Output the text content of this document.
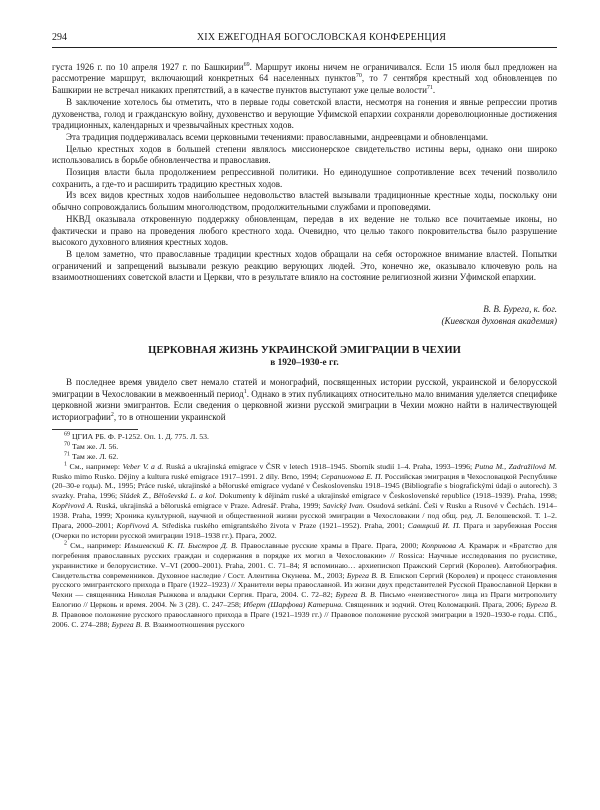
294	XIX ЕЖЕГОДНАЯ БОГОСЛОВСКАЯ КОНФЕРЕНЦИЯ

густа 1926 г. по 10 апреля 1927 г. по Башкирии$^{69}$. Маршрут иконы ничем не ограничивался. Если 15 июля был предложен на рассмотрение маршрут, включающий конкретных 64 населенных пунктов$^{70}$, то 7 сентября крестный ход обновленцев по Башкирии не встречал никаких препятствий, а в качестве пунктов выступают уже целые волости$^{71}$.

В заключение хотелось бы отметить, что в первые годы советской власти, несмотря на гонения и явные репрессии против духовенства, голод и гражданскую войну, духовенство и верующие Уфимской епархии сохраняли дореволюционные достижения традиционных, календарных и чрезвычайных крестных ходов.

Эта традиция поддерживалась всеми церковными течениями: православными, андреевцами и обновленцами.

Целью крестных ходов в большей степени являлось миссионерское свидетельство истины веры, однако они широко использовались в борьбе обновленчества и православия.

Позиция власти была продолжением репрессивной политики. Но единодушное сопротивление всех течений позволило сохранить, а где-то и расширить традицию крестных ходов.

Из всех видов крестных ходов наибольшее недовольство властей вызывали традиционные крестные ходы, поскольку они обычно сопровождались большим многолюдством, продолжительными службами и проповедями.

НКВД оказывала откровенную поддержку обновленцам, передав в их ведение не только все почитаемые иконы, но фактически и право на проведения любого крестного хода. Очевидно, что целью такого покровительства было разрушение высокого духовного влияния крестных ходов.

В целом заметно, что православные традиции крестных ходов обращали на себя осторожное внимание властей. Попытки ограничений и запрещений вызывали резкую реакцию верующих людей. Это, конечно же, оказывало ключевую роль на взаимоотношениях советской власти и Церкви, что в результате влияло на состояние религиозной жизни Уфимской епархии.

В. В. Бурега, к. бог.
(Киевская духовная академия)
ЦЕРКОВНАЯ ЖИЗНЬ УКРАИНСКОЙ ЭМИГРАЦИИ В ЧЕХИИ
в 1920–1930-е гг.

В последнее время увидело свет немало статей и монографий, посвященных истории русской, украинской и белорусской эмиграции в Чехословакии в межвоенный период$^1$. Однако в этих публикациях относительно мало внимания уделяется специфике церковной жизни эмигрантов. Если сведения о церковной жизни русской эмиграции в Чехии можно найти в наличествующей историографии$^2$, то в отношении украинской

$^{69}$ ЦГИА РБ. Ф. Р-1252. Оп. 1. Д. 775. Л. 53.

$^{70}$ Там же. Л. 56.

$^{71}$ Там же. Л. 62.

$^1$ См., например: Veber V. a d. Ruská a ukrajinská emigrace v ČSR v letech 1918–1945. Sborník studií 1–4. Praha, 1993–1996; Putna M., Zadražilová M. Rusko mimo Rusko. Dějiny a kultura ruské emigrace 1917–1991. 2 díly. Brno, 1994; Серапионова Е. П. Российская эмиграция в Чехословацкой Республике (20–30-е годы). М., 1995; Práce ruské, ukrajinské a běloruské emigrace vydané v Československu 1918–1945 (Bibliografie s biografickými údaji o autorech). 3 svazky. Praha, 1996; Sládek Z., Běloševská L. a kol. Dokumenty k dějinám ruské a ukrajinské emigrace v Československé republice (1918–1939). Praha, 1998; Kopřivová A. Ruská, ukrajinská a běloruská emigrace v Praze. Adresář. Praha, 1999; Savický Ivan. Osudová setkání. Češi v Rusku a Rusové v Čechách. 1914–1938. Praha, 1999; Хроника культурной, научной и общественной жизни русской эмиграции в Чехословакии / под общ. ред. Л. Белошевской. Т. 1–2. Прага, 2000–2001; Kopřivová A. Střediska ruského emigrantského života v Praze (1921–1952). Praha, 2001; Савицкий И. П. Прага и зарубежная Россия (Очерки по истории русской эмиграции 1918–1938 гг.). Прага, 2002.

$^2$ См., например: Ильшевский К. П. Быстров Д. В. Православные русские храмы в Праге. Прага, 2000; Копривова А. Крамарж и «Братство для погребения православных русских граждан и содержания в порядке их могил в Чехословакии» // Rossica: Научные исследования по русистике, украинистике и белорусистике. V–VI (2000–2001). Praha, 2001. С. 71–84; Я вспоминаю… архиепископ Пражский Сергий (Королев). Автобиография. Свидетельства современников. Духовное наследие / Сост. Алентина Окунева. М., 2003; Бурега В. В. Епископ Сергий (Королев) и процесс становления русского эмигрантского прихода в Праге (1922–1923) // Хранители веры православной. Из жизни двух представителей Русской Православной Церкви в Чехии — священника Николая Рыжкова и владыки Сергия. Прага, 2004. С. 72–82; Бурега В. В. Письмо «неизвестного» лица из Праги митрополиту Евлогию // Церковь и время. 2004. № 3 (28). С. 247–258; Иберт (Шарфова) Катерина. Священник и зодчий. Отец Коломацкий. Прага, 2006; Бурега В. В. Правовое положение русского православного прихода в Праге (1921–1939 гг.) // Правовое положение русской эмиграции в 1920–1930-е годы. СПб., 2006. С. 274–288; Бурега В. В. Взаимоотношения русского
